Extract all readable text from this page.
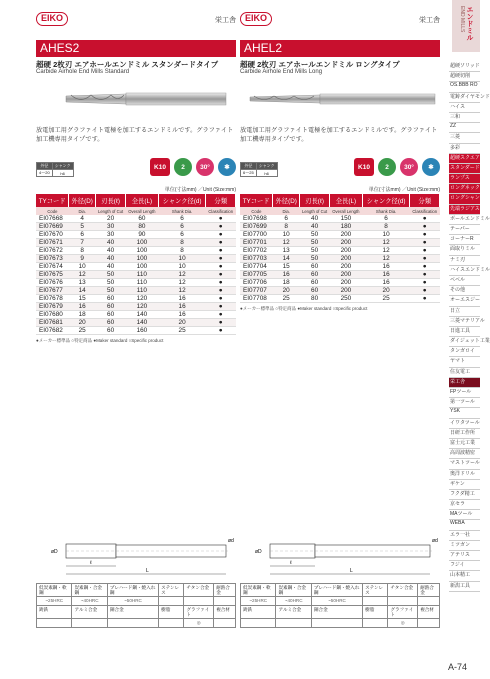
エンドミル
END MILLS
EIKO	栄工舎
AHES2
超硬 2枚刃 エアホールエンドミル スタンダードタイプ
Carbide Airhole End Mills Standard
放電加工用グラファイト電極を加工するエンドミルです。グラファイト加工機専用タイプです。
外径	シャンク
4～20	h6
K10	2	30°	✱
単位(寸法mm) ／Unit (Size:mm)
TYコード	外径(D)	刃長(ℓ)	全長(L)	シャンク径(d)	分類
Code	Dia.	Length of Cut	Overall Length	Shank Dia.	Classification
EI07668	4	20	60	6	●
EI07669	5	30	80	6	●
EI07670	6	30	90	6	●
EI07671	7	40	100	8	●
EI07672	8	40	100	8	●
EI07673	9	40	100	10	●
EI07674	10	40	100	10	●
EI07675	12	50	110	12	●
EI07676	13	50	110	12	●
EI07677	14	50	110	12	●
EI07678	15	60	120	16	●
EI07679	16	60	120	16	●
EI07680	18	60	140	16	●
EI07681	20	60	140	20	●
EI07682	25	60	160	25	●
●メーカー標準品 ○特定商品 ●Maker standard ○Specific product
ℓ
L
øD
ød
低炭素鋼・軟鋼	炭素鋼・合金鋼	プレハード鋼・焼入れ鋼	ステンレス	チタン合金	耐熱合金
~25HRC	~40HRC	~50HRC			
鋳鉄	アルミ合金	銅合金	樹脂	グラファイト	複合材
				◎	
EIKO	栄工舎
AHEL2
超硬 2枚刃 エアホールエンドミル ロングタイプ
Carbide Airhole End Mills Long
放電加工用グラファイト電極を加工するエンドミルです。グラファイト加工機専用タイプです。
外径	シャンク
6～25	h6
K10	2	30°	✱
単位(寸法mm) ／Unit (Size:mm)
TYコード	外径(D)	刃長(ℓ)	全長(L)	シャンク径(d)	分類
Code	Dia.	Length of Cut	Overall Length	Shank Dia.	Classification
EI07698	6	40	150	6	●
EI07699	8	40	180	8	●
EI07700	10	50	200	10	●
EI07701	12	50	200	12	●
EI07702	13	50	200	12	●
EI07703	14	50	200	12	●
EI07704	15	60	200	16	●
EI07705	16	60	200	16	●
EI07706	18	60	200	16	●
EI07707	20	60	200	20	●
EI07708	25	80	250	25	●
●メーカー標準品 ○特定商品 ●Maker standard ○Specific product
ℓ
L
øD
ød
低炭素鋼・軟鋼	炭素鋼・合金鋼	プレハード鋼・焼入れ鋼	ステンレス	チタン合金	耐熱合金
~25HRC	~40HRC	~50HRC			
鋳鉄	アルミ合金	銅合金	樹脂	グラファイト	複合材
				◎	
超硬ソリッド
超硬切削
OS.BBB RO
電鋳ダイヤモンド
ハイス
三和
ZZ
三菱
多彩
超硬スクエア
スタンダード
ランプス
ロングネック
ロングシャンク
先端ラジアス
ボールエンドミル
テーパー
コーナーR
面取りミル
ナミ刃
ハイスエンドミル
ベベル
その他
オーエスジー
日立
三菱マテリアル
日進工具
ダイジェット工業
タンガロイ
ヤマト
住友電工
栄工舎
FPツール
第一ツール
YSK
イワタツール
日研工作所
富士元工業
高周波精密
マストツール
奥洋ドリル
ギケン
フクダ精工
京セラ
MAツール
WEBA
エラ一社
ミツガン
アテリス
フジイ
山本精工
新潟工具
A-74
